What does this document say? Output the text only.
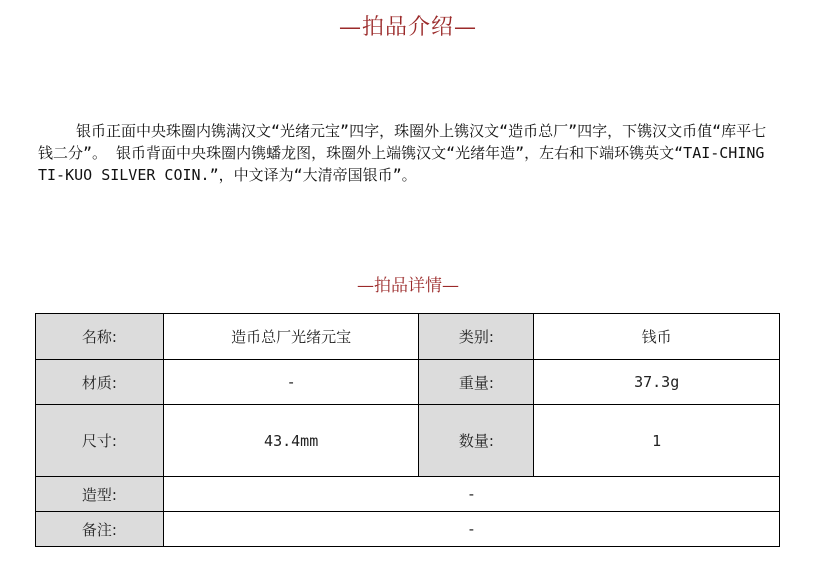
—拍品介绍—
银币正面中央珠圈内镌满汉文“光绪元宝”四字，珠圈外上镌汉文“造币总厂”四字，下镌汉文币值“库平七钱二分”。 银币背面中央珠圈内镌蟠龙图，珠圈外上端镌汉文“光绪年造”，左右和下端环镌英文“TAI-CHING TI-KUO SILVER COIN.”，中文译为“大清帝国银币”。
—拍品详情—
名称:	造币总厂光绪元宝	类别:	钱币
材质:	-	重量:	37.3g
尺寸:	43.4mm	数量:	1
造型:	-		
备注:	-		
